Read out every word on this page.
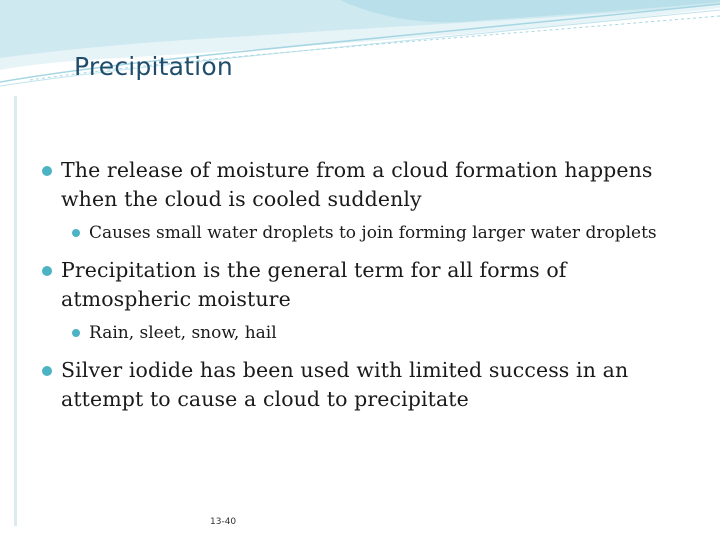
Precipitation
The release of moisture from a cloud formation happens when the cloud is cooled suddenly
Causes small water droplets to join forming larger water droplets
Precipitation is the general term for all forms of atmospheric moisture
Rain, sleet, snow, hail
Silver iodide has been used with limited success in an attempt to cause a cloud to precipitate
13-40
